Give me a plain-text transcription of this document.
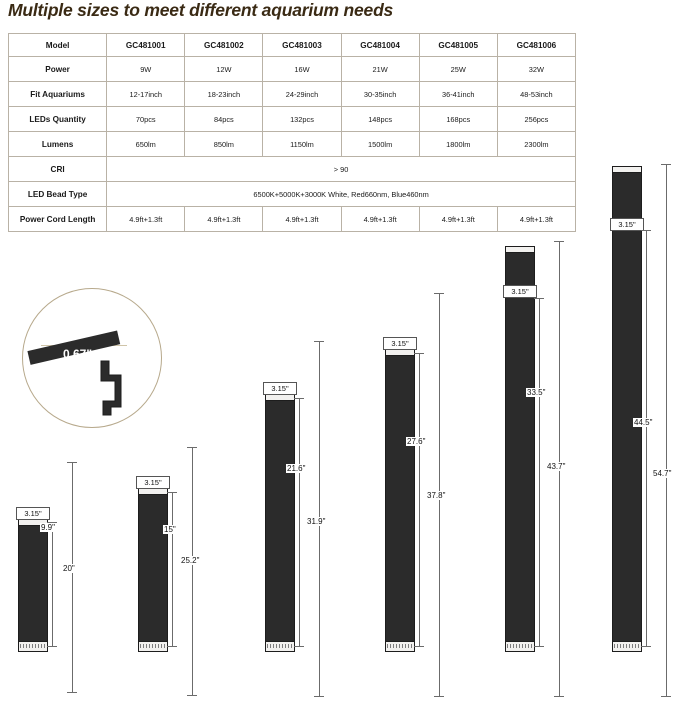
Multiple sizes to meet different aquarium needs
Model	GC481001	GC481002	GC481003	GC481004	GC481005	GC481006
Power	9W	12W	16W	21W	25W	32W
Fit Aquariums	12-17inch	18-23inch	24-29inch	30-35inch	36-41inch	48-53inch
LEDs Quantity	70pcs	84pcs	132pcs	148pcs	168pcs	256pcs
Lumens	650lm	850lm	1150lm	1500lm	1800lm	2300lm
CRI	> 90					
LED Bead Type	6500K+5000K+3000K White, Red660nm, Blue460nm					
Power Cord Length	4.9ft+1.3ft	4.9ft+1.3ft	4.9ft+1.3ft	4.9ft+1.3ft	4.9ft+1.3ft	4.9ft+1.3ft
0.67"
3.15"
9.9"
20"
3.15"
15"
25.2"
3.15"
21.6"
31.9"
3.15"
27.6"
37.8"
3.15"
33.5"
43.7"
3.15"
44.5"
54.7"
